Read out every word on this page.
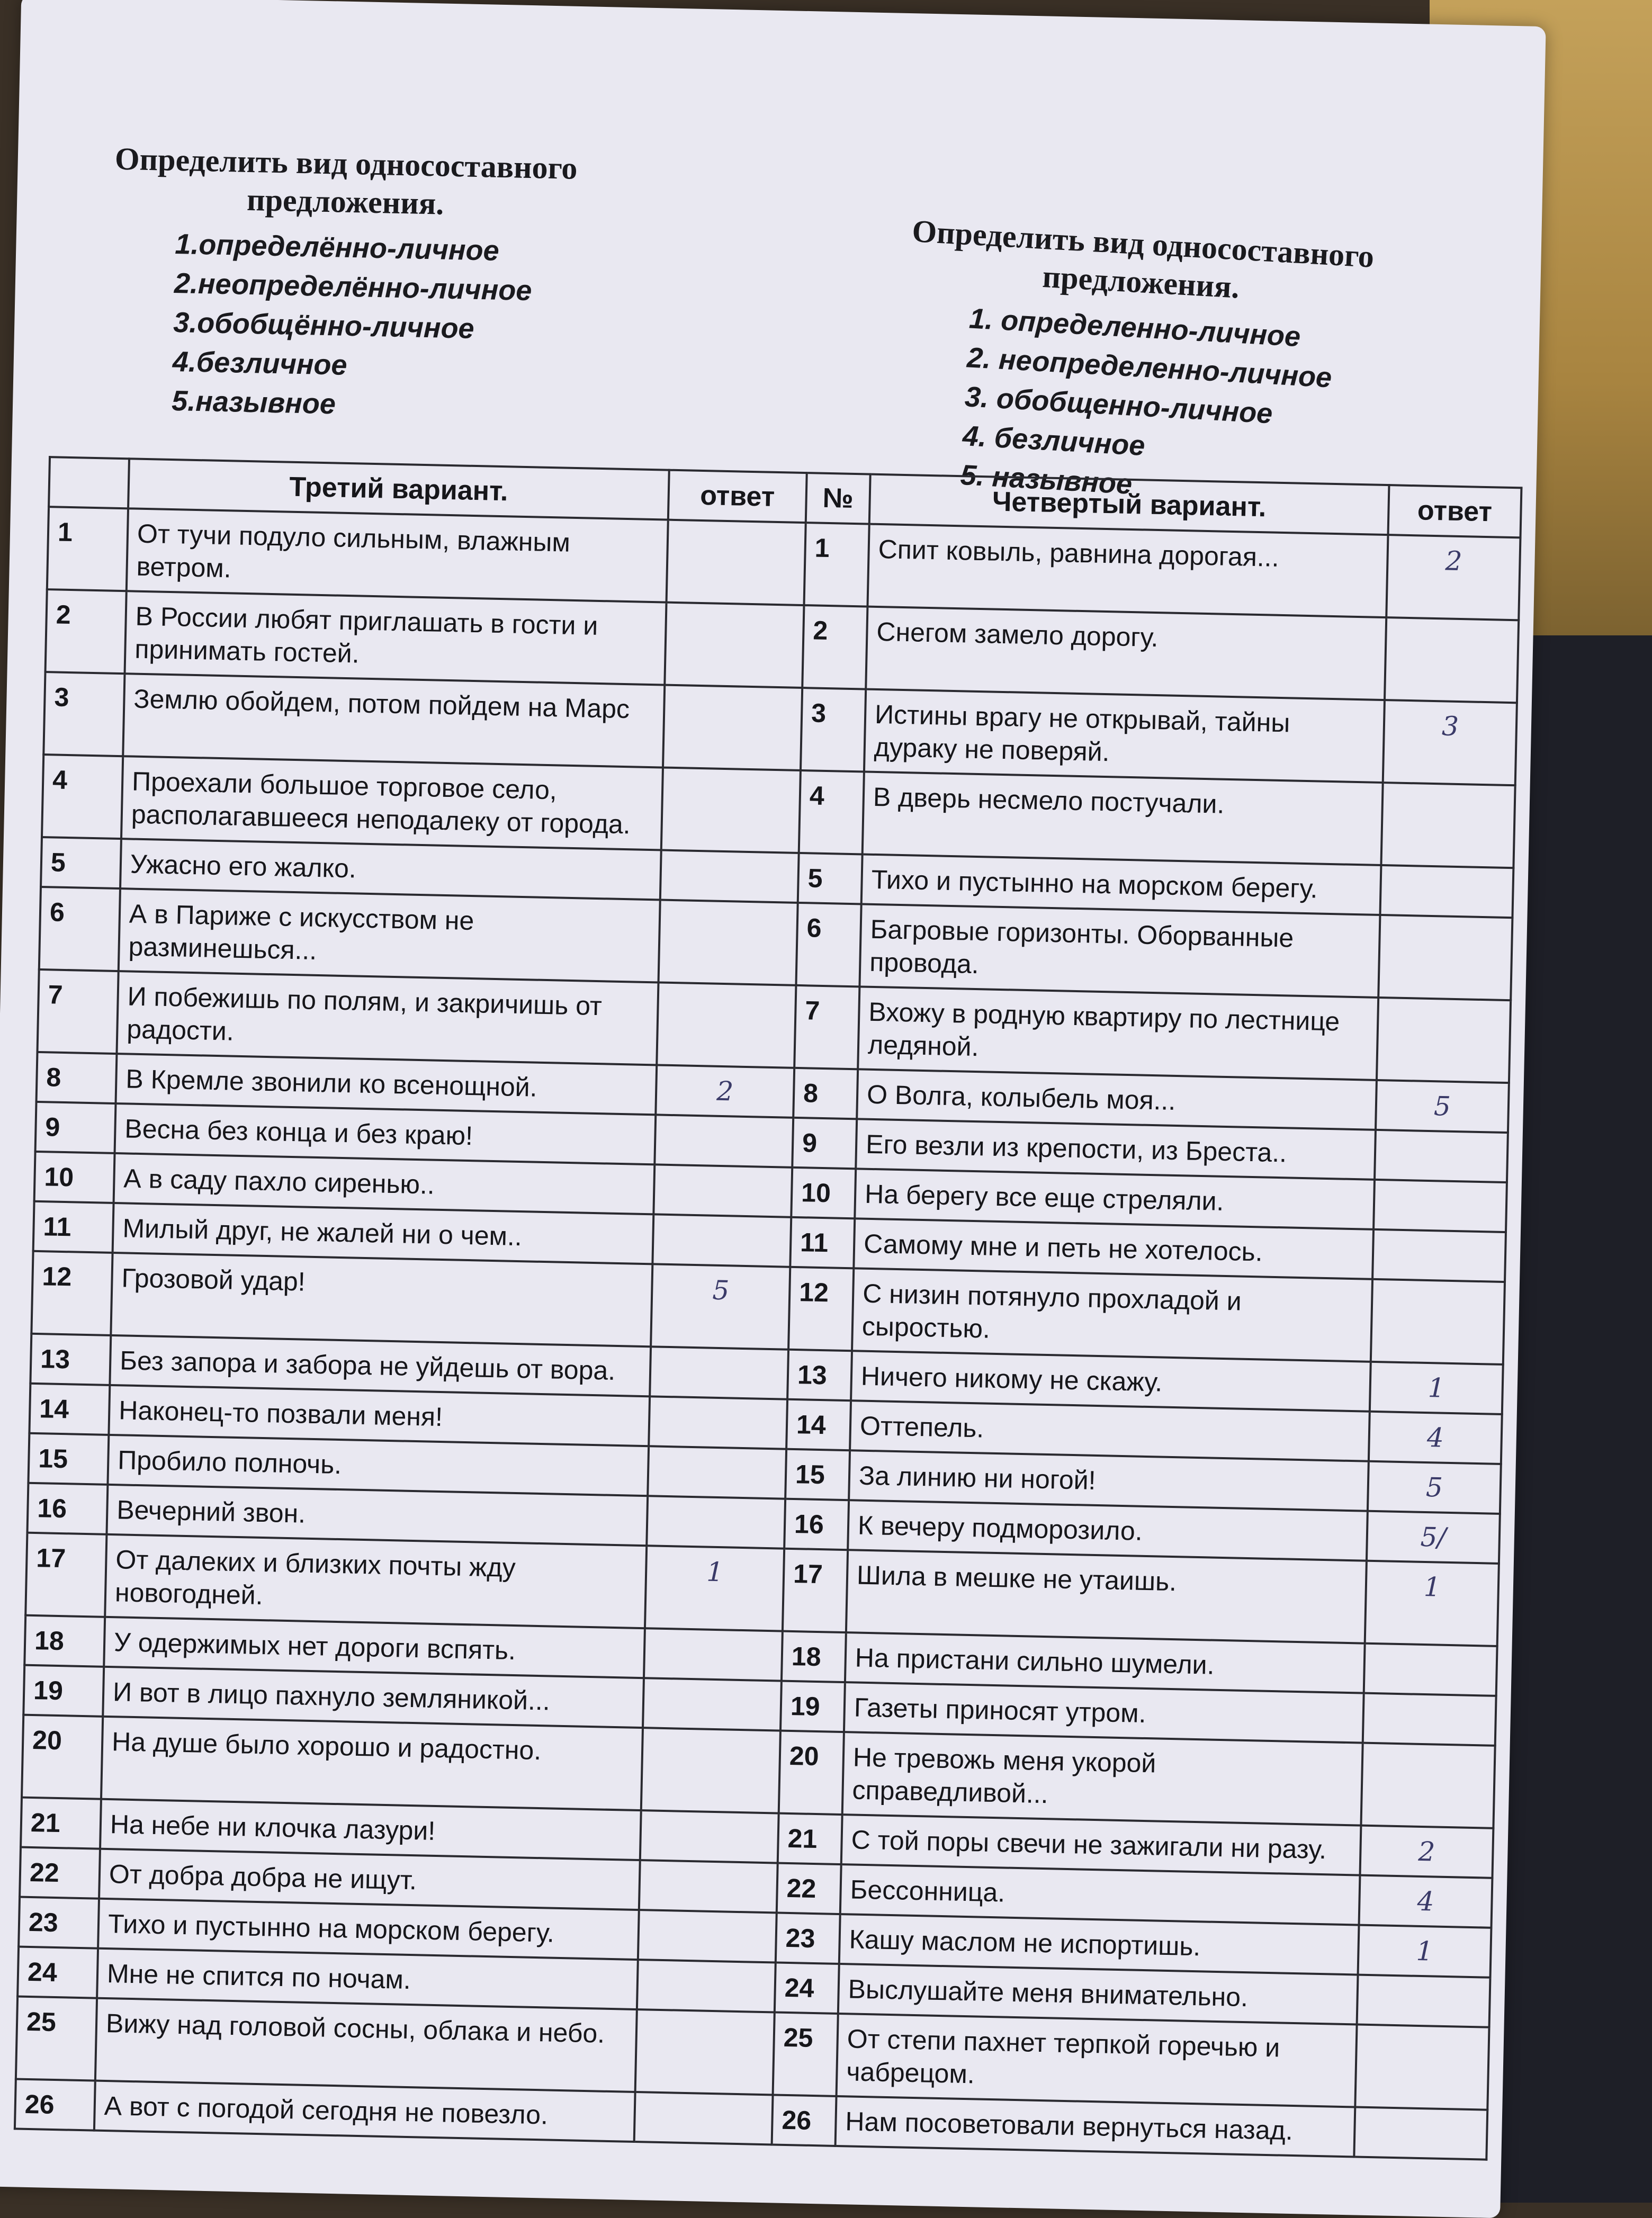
Определить вид односоставного предложения.

1.определённо-личное
2.неопределённо-личное
3.обобщённо-личное
4.безличное
5.назывное

Определить вид односоставного предложения.

1. определенно-личное
2. неопределенно-личное
3. обобщенно-личное
4. безличное
5. назывное
	Третий вариант.	ответ	№	Четвертый вариант.	ответ
1	От тучи подуло сильным, влажным ветром.		1	Спит ковыль, равнина дорогая...	2
2	В России любят приглашать в гости и принимать гостей.		2	Снегом замело дорогу.	
3	Землю обойдем, потом пойдем на Марс		3	Истины врагу не открывай, тайны дураку не поверяй.	3
4	Проехали большое торговое село, располагавшееся неподалеку от города.		4	В дверь несмело постучали.	
5	Ужасно его жалко.		5	Тихо и пустынно на морском берегу.	
6	А в Париже с искусством не разминешься...		6	Багровые горизонты. Оборванные провода.	
7	И побежишь по полям, и закричишь от радости.		7	Вхожу в родную квартиру по лестнице ледяной.	
8	В Кремле звонили ко всенощной.	2	8	О Волга, колыбель моя...	5
9	Весна без конца и без краю!		9	Его везли из крепости, из Бреста..	
10	А в саду пахло сиренью..		10	На берегу все еще стреляли.	
11	Милый друг, не жалей ни о чем..		11	Самому мне и петь не хотелось.	
12	Грозовой удар!	5	12	С низин потянуло прохладой и сыростью.	
13	Без запора и забора не уйдешь от вора.		13	Ничего никому не скажу.	1
14	Наконец-то позвали меня!		14	Оттепель.	4
15	Пробило полночь.		15	За линию ни ногой!	5
16	Вечерний звон.		16	К вечеру подморозило.	5/
17	От далеких и близких почты жду новогодней.	1	17	Шила в мешке не утаишь.	1
18	У одержимых нет дороги вспять.		18	На пристани сильно шумели.	
19	И вот в лицо пахнуло земляникой...		19	Газеты приносят утром.	
20	На душе было хорошо и радостно.		20	Не тревожь меня укорой справедливой...	
21	На небе ни клочка лазури!		21	С той поры свечи не зажигали ни разу.	2
22	От добра добра не ищут.		22	Бессонница.	4
23	Тихо и пустынно на морском берегу.		23	Кашу маслом не испортишь.	1
24	Мне не спится по ночам.		24	Выслушайте меня внимательно.	
25	Вижу над головой сосны, облака и небо.		25	От степи пахнет терпкой горечью и чабрецом.	
26	А вот с погодой сегодня не повезло.		26	Нам посоветовали вернуться назад.	
